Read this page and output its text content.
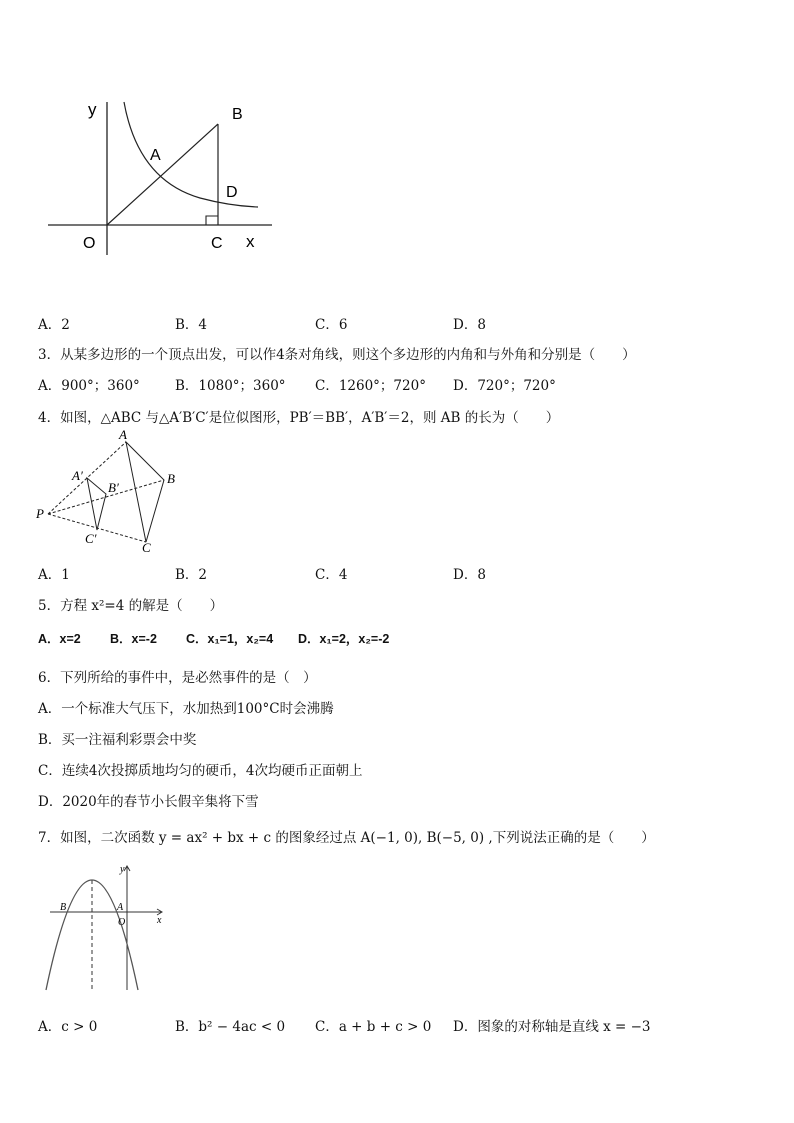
y
x
O
A
B
C
D
A．2	B．4	C．6	D．8
3．从某多边形的一个顶点出发，可以作4条对角线，则这个多边形的内角和与外角和分别是（　　）
A．900°；360°	B．1080°；360° C．1260°；720° D．720°；720°
4．如图，△ABC 与△A′B′C′是位似图形，PB′＝BB′，A′B′＝2，则 AB 的长为（　　）
P
A
B
C
A′
B′
C′
A．1	B．2	C．4	D．8
5．方程 x²=4 的解是（　　）
A．x=2 B．x=-2 C．x₁=1，x₂=4 D．x₁=2，x₂=-2
6．下列所给的事件中，是必然事件的是（　）
A．一个标准大气压下，水加热到100°C时会沸腾
B．买一注福利彩票会中奖
C．连续4次投掷质地均匀的硬币，4次均硬币正面朝上
D．2020年的春节小长假辛集将下雪
7．如图，二次函数 y = ax² + bx + c 的图象经过点 A(−1, 0), B(−5, 0) ,下列说法正确的是（　　）
y
x
O
A
B
A．c > 0	B．b² − 4ac < 0 C．a + b + c > 0 D．图象的对称轴是直线 x = −3
